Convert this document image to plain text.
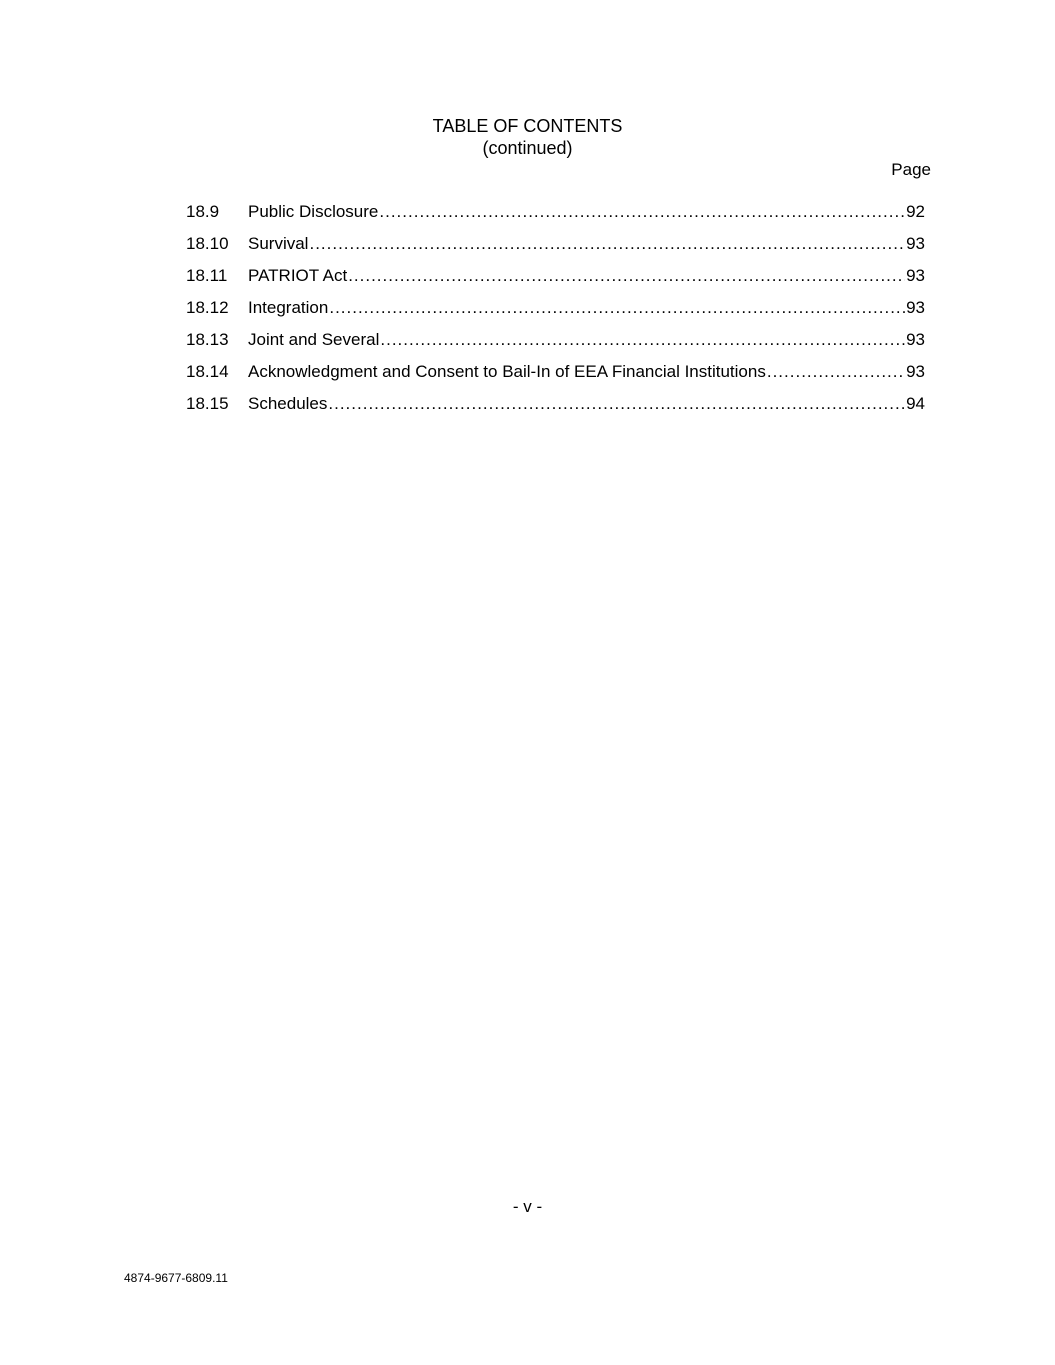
TABLE OF CONTENTS
(continued)
Page
18.9	Public Disclosure .....	92
18.10	Survival .....	93
18.11	PATRIOT Act .....	93
18.12	Integration .....	93
18.13	Joint and Several .....	93
18.14	Acknowledgment and Consent to Bail-In of EEA Financial Institutions .....	93
18.15	Schedules .....	94
- v -
4874-9677-6809.11
